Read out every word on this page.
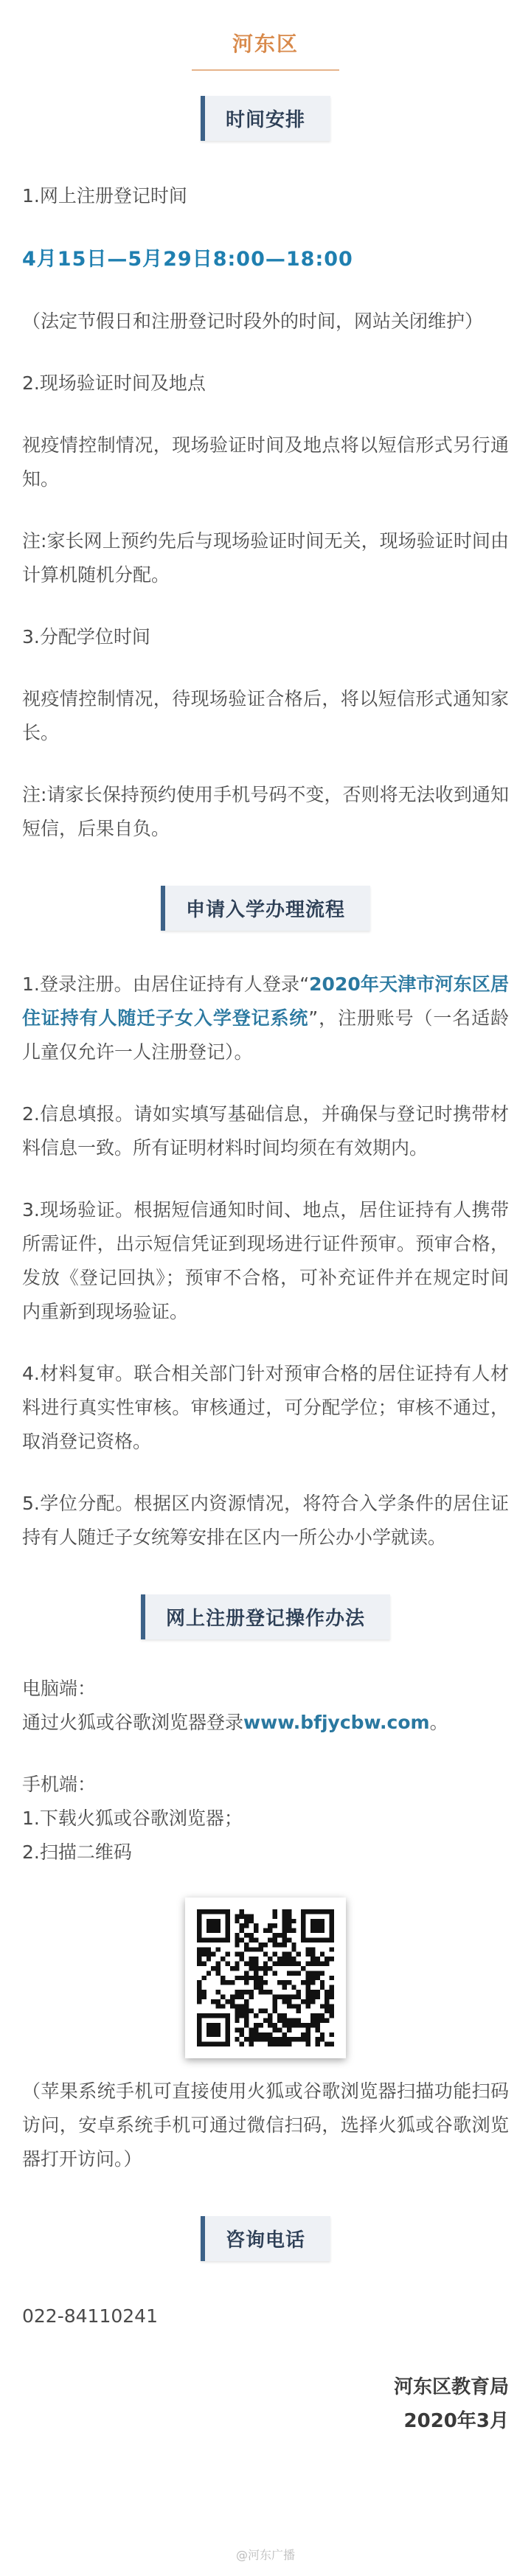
河东区
时间安排

1.网上注册登记时间

4月15日—5月29日8:00—18:00

（法定节假日和注册登记时段外的时间，网站关闭维护）

2.现场验证时间及地点

视疫情控制情况，现场验证时间及地点将以短信形式另行通知。

注:家长网上预约先后与现场验证时间无关，现场验证时间由计算机随机分配。

3.分配学位时间

视疫情控制情况，待现场验证合格后，将以短信形式通知家长。

注:请家长保持预约使用手机号码不变，否则将无法收到通知短信，后果自负。

申请入学办理流程

1.登录注册。由居住证持有人登录“2020年天津市河东区居住证持有人随迁子女入学登记系统”，注册账号（一名适龄儿童仅允许一人注册登记）。

2.信息填报。请如实填写基础信息，并确保与登记时携带材料信息一致。所有证明材料时间均须在有效期内。

3.现场验证。根据短信通知时间、地点，居住证持有人携带所需证件，出示短信凭证到现场进行证件预审。预审合格，发放《登记回执》；预审不合格，可补充证件并在规定时间内重新到现场验证。

4.材料复审。联合相关部门针对预审合格的居住证持有人材料进行真实性审核。审核通过，可分配学位；审核不通过，取消登记资格。

5.学位分配。根据区内资源情况，将符合入学条件的居住证持有人随迁子女统筹安排在区内一所公办小学就读。

网上注册登记操作办法

电脑端：

通过火狐或谷歌浏览器登录www.bfjycbw.com。

手机端：

1.下载火狐或谷歌浏览器；

2.扫描二维码

（苹果系统手机可直接使用火狐或谷歌浏览器扫描功能扫码访问，安卓系统手机可通过微信扫码，选择火狐或谷歌浏览器打开访问。）

咨询电话

022-84110241

河东区教育局

2020年3月

@河东广播
